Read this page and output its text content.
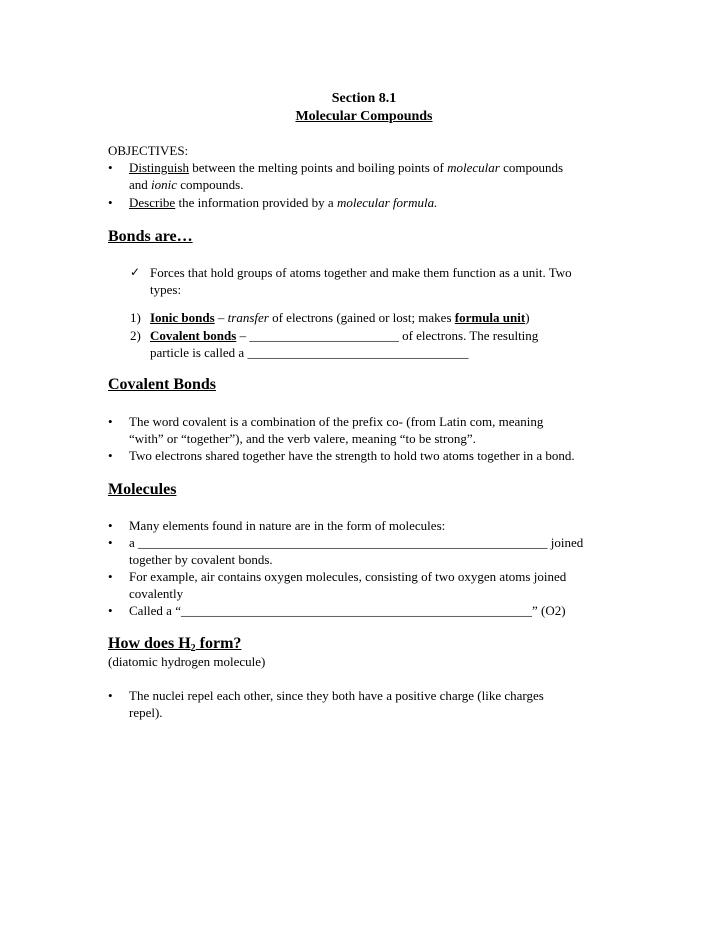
Section 8.1
Molecular Compounds
OBJECTIVES:
• Distinguish between the melting points and boiling points of molecular compounds
and ionic compounds.
• Describe the information provided by a molecular formula.
Bonds are…
✓ Forces that hold groups of atoms together and make them function as a unit. Two
types:
1) Ionic bonds – transfer of electrons (gained or lost; makes formula unit)
2) Covalent bonds – _______________________ of electrons. The resulting
particle is called a __________________________________
Covalent Bonds
• The word covalent is a combination of the prefix co- (from Latin com, meaning
“with” or “together”), and the verb valere, meaning “to be strong”.
• Two electrons shared together have the strength to hold two atoms together in a bond.
Molecules
• Many elements found in nature are in the form of molecules:
• a _______________________________________________________________ joined
together by covalent bonds.
• For example, air contains oxygen molecules, consisting of two oxygen atoms joined
covalently
• Called a “______________________________________________________” (O2)
How does $H_2$ form?
(diatomic hydrogen molecule)
• The nuclei repel each other, since they both have a positive charge (like charges
repel).
